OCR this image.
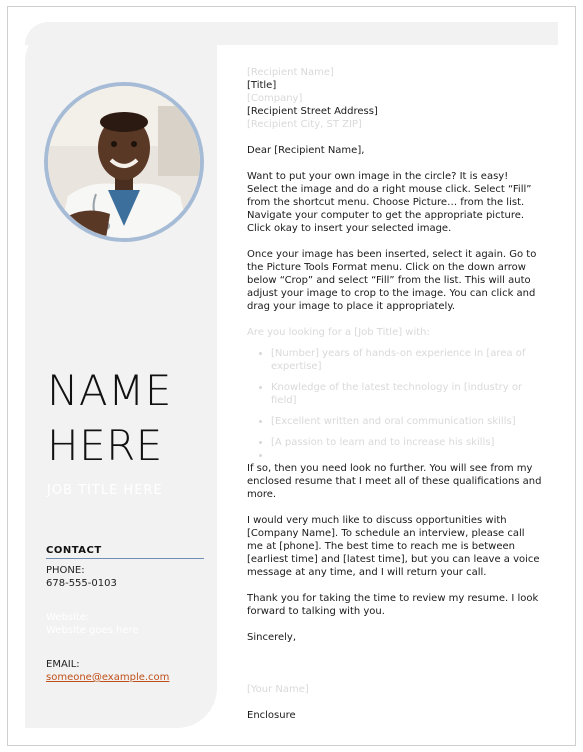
NAME
HERE
JOB TITLE HERE
CONTACT
PHONE:
678-555-0103
Website:
Website goes here
EMAIL:
someone@example.com

[Recipient Name]

[Title]

[Company]

[Recipient Street Address]

[Recipient City, ST ZIP]

Dear [Recipient Name],

Want to put your own image in the circle? It is easy! Select the image and do a right mouse click. Select “Fill” from the shortcut menu. Choose Picture… from the list. Navigate your computer to get the appropriate picture. Click okay to insert your selected image.

Once your image has been inserted, select it again. Go to the Picture Tools Format menu. Click on the down arrow below “Crop” and select “Fill” from the list. This will auto adjust your image to crop to the image. You can click and drag your image to place it appropriately.

Are you looking for a [Job Title] with:

• [Number] years of hands-on experience in [area of expertise]
• Knowledge of the latest technology in [industry or field]
• [Excellent written and oral communication skills]
• [A passion to learn and to increase his skills]
•

If so, then you need look no further. You will see from my enclosed resume that I meet all of these qualifications and more.

I would very much like to discuss opportunities with [Company Name]. To schedule an interview, please call me at [phone]. The best time to reach me is between [earliest time] and [latest time], but you can leave a voice message at any time, and I will return your call.

Thank you for taking the time to review my resume. I look forward to talking with you.

Sincerely,

[Your Name]

Enclosure
